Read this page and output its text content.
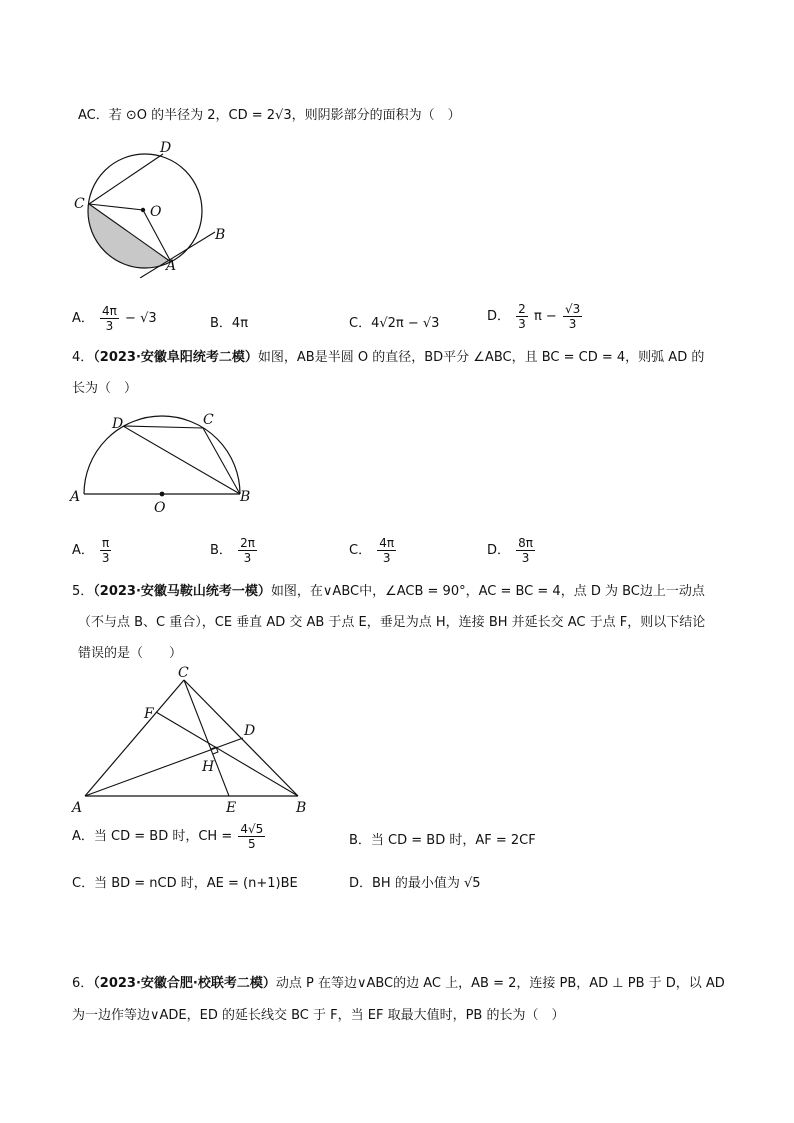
AC．若 ⊙O 的半径为 2，CD = 2√3，则阴影部分的面积为（　）
D
C	O
B
A
A． $\frac{4\pi}{3} - √3$	B．4π	C．4√2π − √3	D． $\frac{2}{3}$ $\pi - \frac{√3}{3}$
4．（2023·安徽阜阳统考二模）如图，AB是半圆 O 的直径，BD平分 ∠ABC，且 BC = CD = 4，则弧 AD 的
长为（　）
D	C
A
O
B
A． $\frac{\pi}{3}$	B． $\frac{2\pi}{3}$	C． $\frac{4\pi}{3}$	D． $\frac{8\pi}{3}$
5．（2023·安徽马鞍山统考一模）如图，在∨ABC中，∠ACB = 90°，AC = BC = 4，点 D 为 BC边上一动点
（不与点 B、C 重合），CE 垂直 AD 交 AB 于点 E，垂足为点 H，连接 BH 并延长交 AC 于点 F，则以下结论
错误的是（　　）
C
F
D
H
A	E	B
A．当 CD = BD 时，CH = $\frac{4√5}{5}$	B．当 CD = BD 时，AF = 2CF
C．当 BD = nCD 时，AE = (n+1)BE	D．BH 的最小值为 √5
6．（2023·安徽合肥·校联考二模）动点 P 在等边∨ABC的边 AC 上，AB = 2，连接 PB，AD ⊥ PB 于 D，以 AD
为一边作等边∨ADE，ED 的延长线交 BC 于 F，当 EF 取最大值时，PB 的长为（　）
